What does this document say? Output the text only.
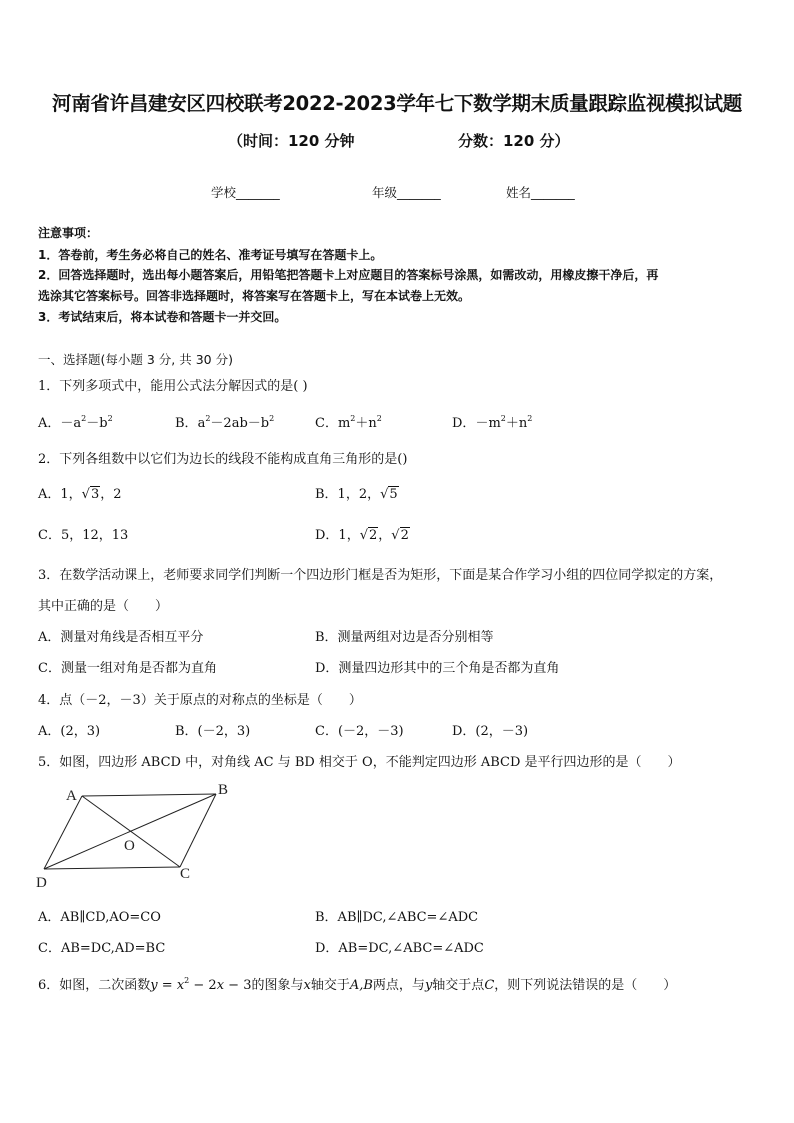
河南省许昌建安区四校联考2022-2023学年七下数学期末质量跟踪监视模拟试题
（时间：120 分钟	分数：120 分）
学校_______	年级_______	姓名_______
注意事项：
1．答卷前，考生务必将自己的姓名、准考证号填写在答题卡上。
2．回答选择题时，选出每小题答案后，用铅笔把答题卡上对应题目的答案标号涂黑，如需改动，用橡皮擦干净后，再
选涂其它答案标号。回答非选择题时，将答案写在答题卡上，写在本试卷上无效。
3．考试结束后，将本试卷和答题卡一并交回。
一、选择题(每小题 3 分, 共 30 分)
1．下列多项式中，能用公式法分解因式的是( )
A．$-a^2-b^2$	B．$a^2-2ab-b^2$	C．$m^2+n^2$	D．$-m^2+n^2$
2．下列各组数中以它们为边长的线段不能构成直角三角形的是()
A．1，√3，2	B．1，2，√5
C．5，12，13	D．1，√2，√2
3．在数学活动课上，老师要求同学们判断一个四边形门框是否为矩形，下面是某合作学习小组的四位同学拟定的方案，
其中正确的是（　　）
A．测量对角线是否相互平分	B．测量两组对边是否分别相等
C．测量一组对角是否都为直角	D．测量四边形其中的三个角是否都为直角
4．点（－2，－3）关于原点的对称点的坐标是（　　）
A．(2，3)	B．(－2，3)	C．(－2，－3)	D．(2，－3)
5．如图，四边形 ABCD 中，对角线 AC 与 BD 相交于 O，不能判定四边形 ABCD 是平行四边形的是（　　）
A	B
C
D
O
A．AB∥CD,AO=CO	B．AB∥DC,∠ABC=∠ADC
C．AB=DC,AD=BC	D．AB=DC,∠ABC=∠ADC
6．如图，二次函数$y = x^2 - 2x - 3$的图象与x轴交于A,B两点，与y轴交于点C，则下列说法错误的是（　　）
